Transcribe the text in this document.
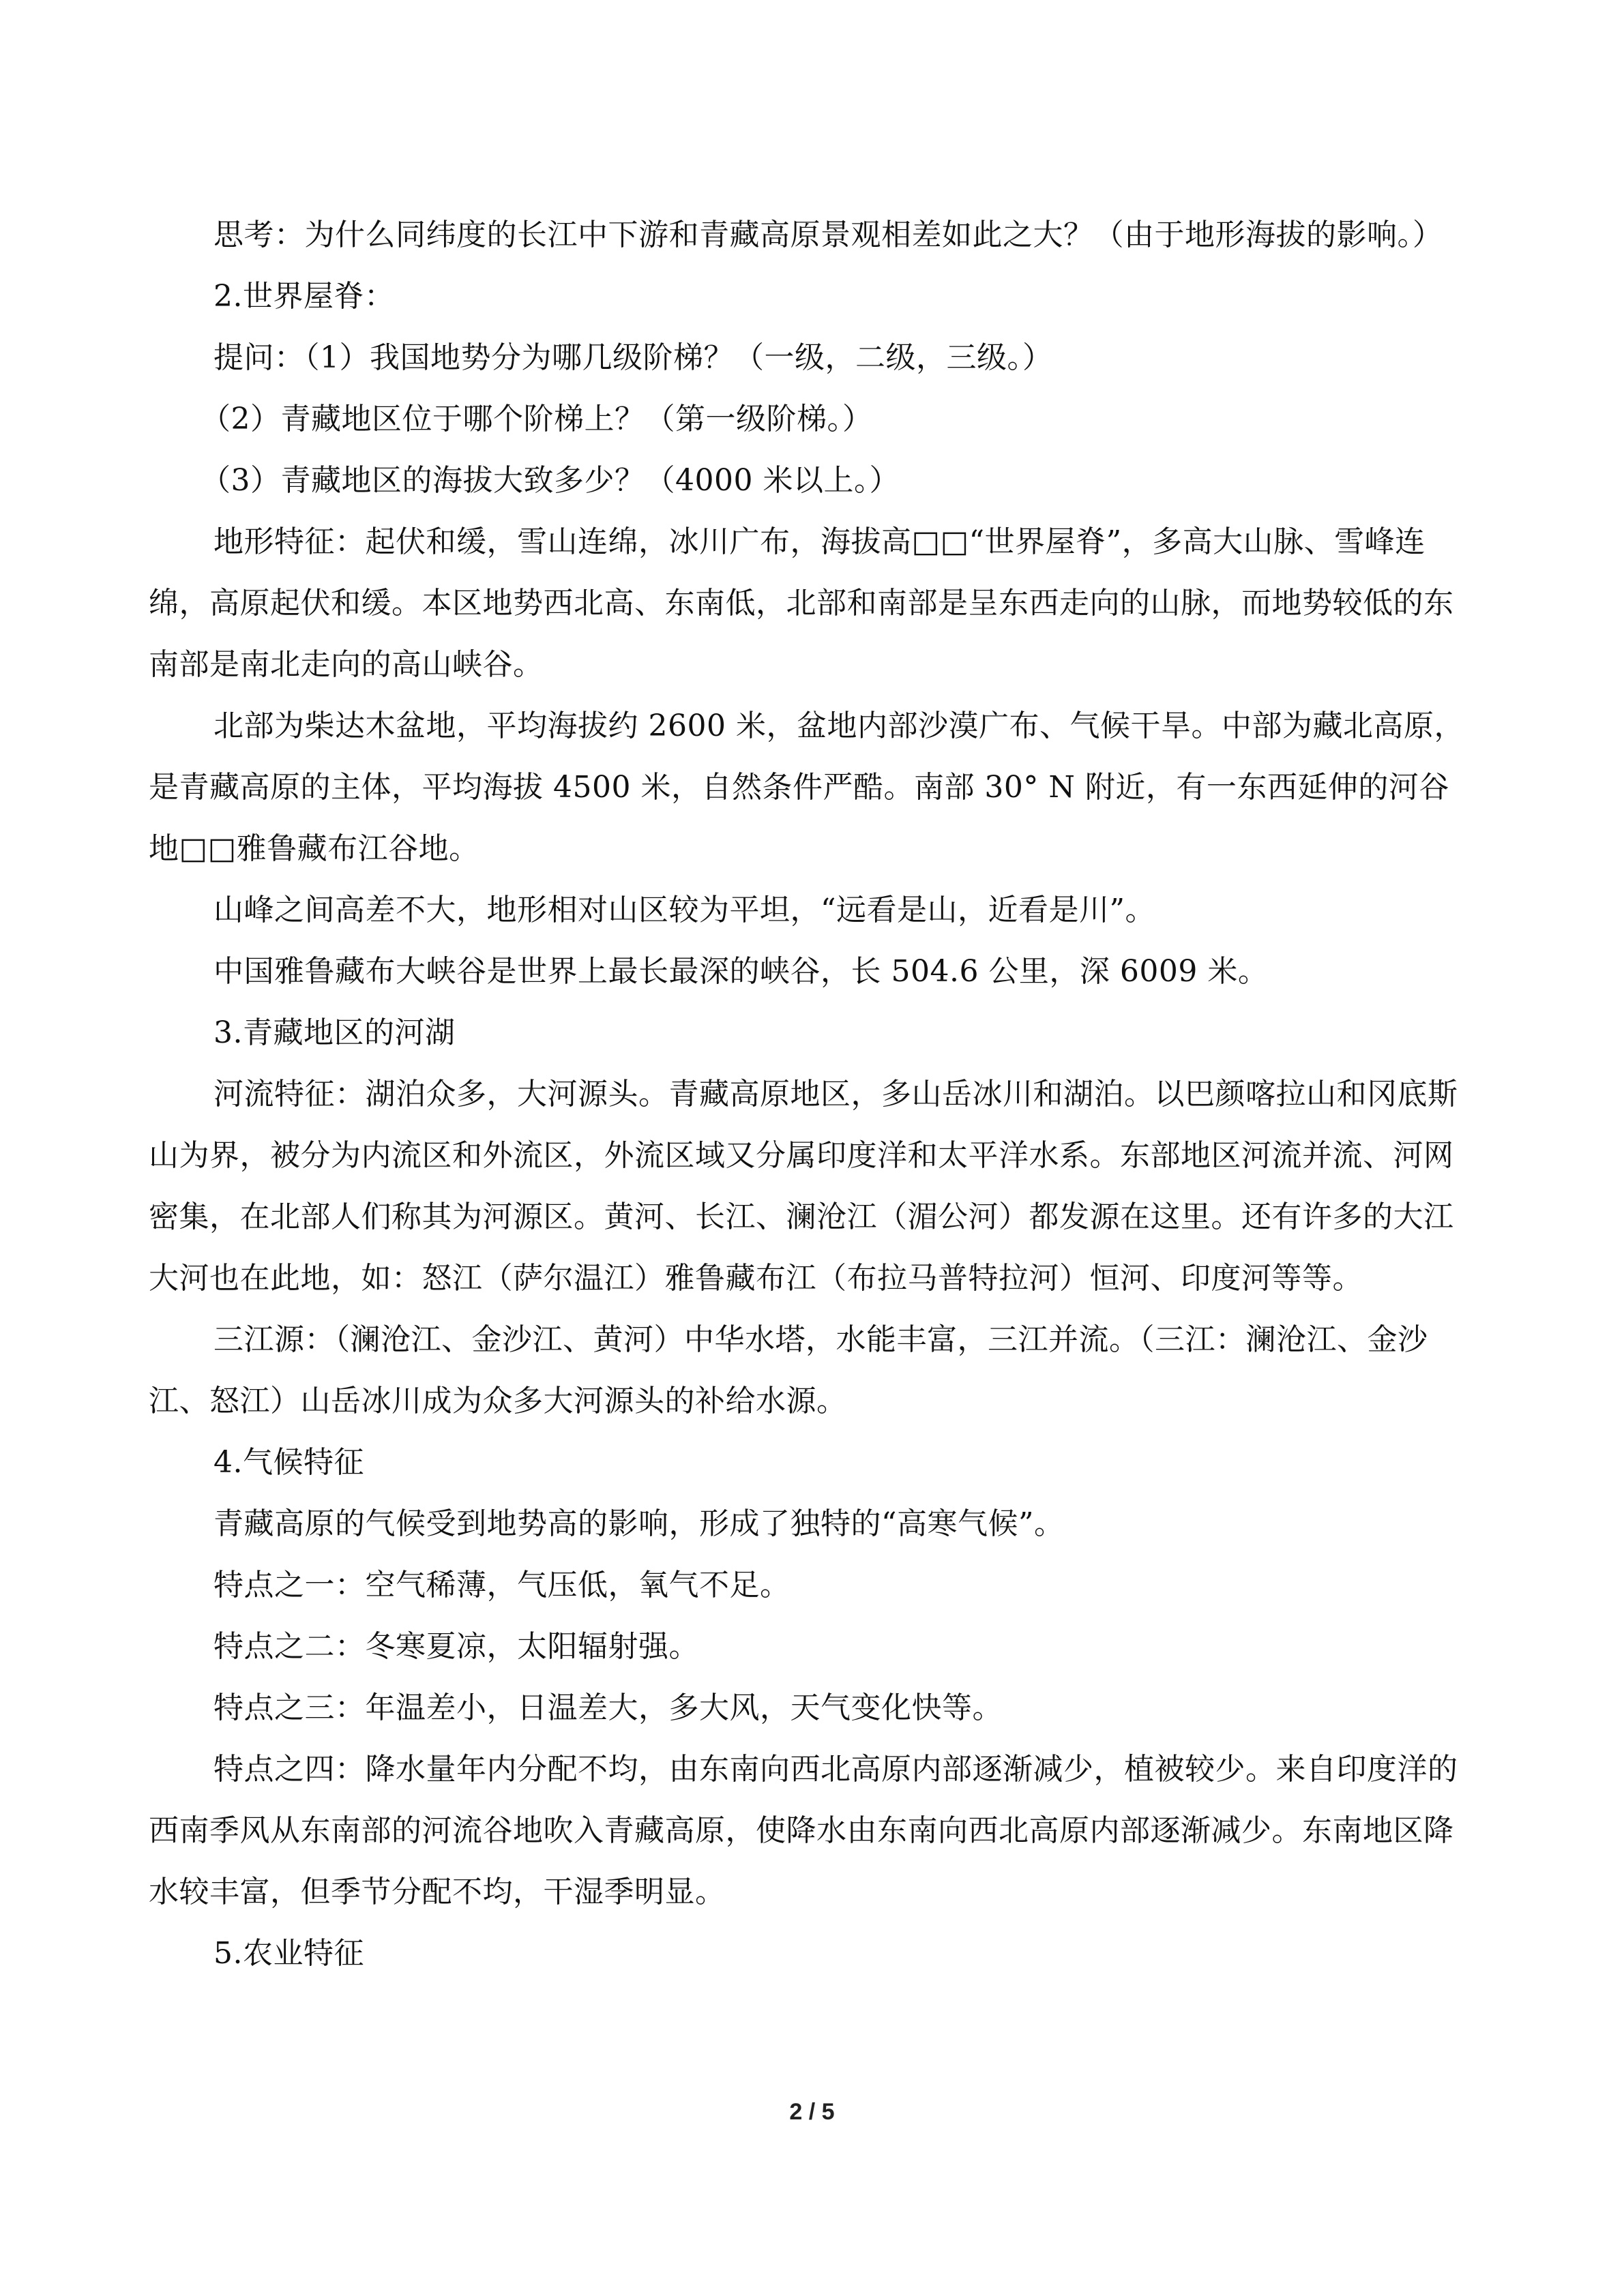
思考：为什么同纬度的长江中下游和青藏高原景观相差如此之大？（由于地形海拔的影响。）

2.世界屋脊：

提问：（1）我国地势分为哪几级阶梯？（一级，二级，三级。）

（2）青藏地区位于哪个阶梯上？（第一级阶梯。）

（3）青藏地区的海拔大致多少？（4000 米以上。）

地形特征：起伏和缓，雪山连绵，冰川广布，海拔高□□“世界屋脊”，多高大山脉、雪峰连绵，高原起伏和缓。本区地势西北高、东南低，北部和南部是呈东西走向的山脉，而地势较低的东南部是南北走向的高山峡谷。

北部为柴达木盆地，平均海拔约 2600 米，盆地内部沙漠广布、气候干旱。中部为藏北高原，是青藏高原的主体，平均海拔 4500 米，自然条件严酷。南部 30° N 附近，有一东西延伸的河谷地□□雅鲁藏布江谷地。

山峰之间高差不大，地形相对山区较为平坦，“远看是山，近看是川”。

中国雅鲁藏布大峡谷是世界上最长最深的峡谷，长 504.6 公里，深 6009 米。

3.青藏地区的河湖

河流特征：湖泊众多，大河源头。青藏高原地区，多山岳冰川和湖泊。以巴颜喀拉山和冈底斯山为界，被分为内流区和外流区，外流区域又分属印度洋和太平洋水系。东部地区河流并流、河网密集，在北部人们称其为河源区。黄河、长江、澜沧江（湄公河）都发源在这里。还有许多的大江大河也在此地，如：怒江（萨尔温江）雅鲁藏布江（布拉马普特拉河）恒河、印度河等等。

三江源：（澜沧江、金沙江、黄河）中华水塔，水能丰富，三江并流。（三江：澜沧江、金沙江、怒江）山岳冰川成为众多大河源头的补给水源。

4.气候特征

青藏高原的气候受到地势高的影响，形成了独特的“高寒气候”。

特点之一：空气稀薄，气压低，氧气不足。

特点之二：冬寒夏凉，太阳辐射强。

特点之三：年温差小，日温差大，多大风，天气变化快等。

特点之四：降水量年内分配不均，由东南向西北高原内部逐渐减少，植被较少。来自印度洋的西南季风从东南部的河流谷地吹入青藏高原，使降水由东南向西北高原内部逐渐减少。东南地区降水较丰富，但季节分配不均，干湿季明显。

5.农业特征

2 / 5
